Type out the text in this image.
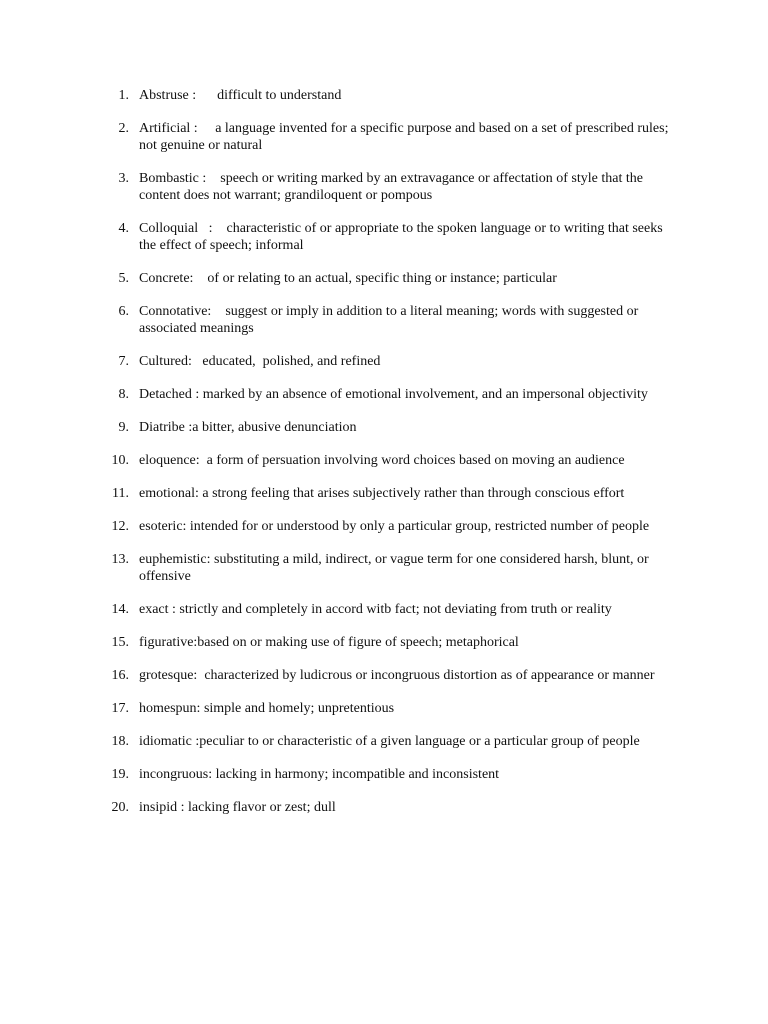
1. Abstruse :      difficult to understand
2. Artificial :     a language invented for a specific purpose and based on a set of prescribed rules; not genuine or natural
3. Bombastic :    speech or writing marked by an extravagance or affectation of style that the content does not warrant; grandiloquent or pompous
4. Colloquial   :    characteristic of or appropriate to the spoken language or to writing that seeks the effect of speech; informal
5. Concrete:    of or relating to an actual, specific thing or instance; particular
6. Connotative:    suggest or imply in addition to a literal meaning; words with suggested or associated meanings
7. Cultured:   educated,  polished, and refined
8. Detached : marked by an absence of emotional involvement, and an impersonal objectivity
9. Diatribe :a bitter, abusive denunciation
10. eloquence:  a form of persuation involving word choices based on moving an audience
11. emotional: a strong feeling that arises subjectively rather than through conscious effort
12. esoteric: intended for or understood by only a particular group, restricted number of people
13. euphemistic: substituting a mild, indirect, or vague term for one considered harsh, blunt, or offensive
14. exact : strictly and completely in accord witb fact; not deviating from truth or reality
15. figurative:based on or making use of figure of speech; metaphorical
16. grotesque:  characterized by ludicrous or incongruous distortion as of appearance or manner
17. homespun: simple and homely; unpretentious
18. idiomatic :peculiar to or characteristic of a given language or a particular group of people
19. incongruous: lacking in harmony; incompatible and inconsistent
20. insipid : lacking flavor or zest; dull
